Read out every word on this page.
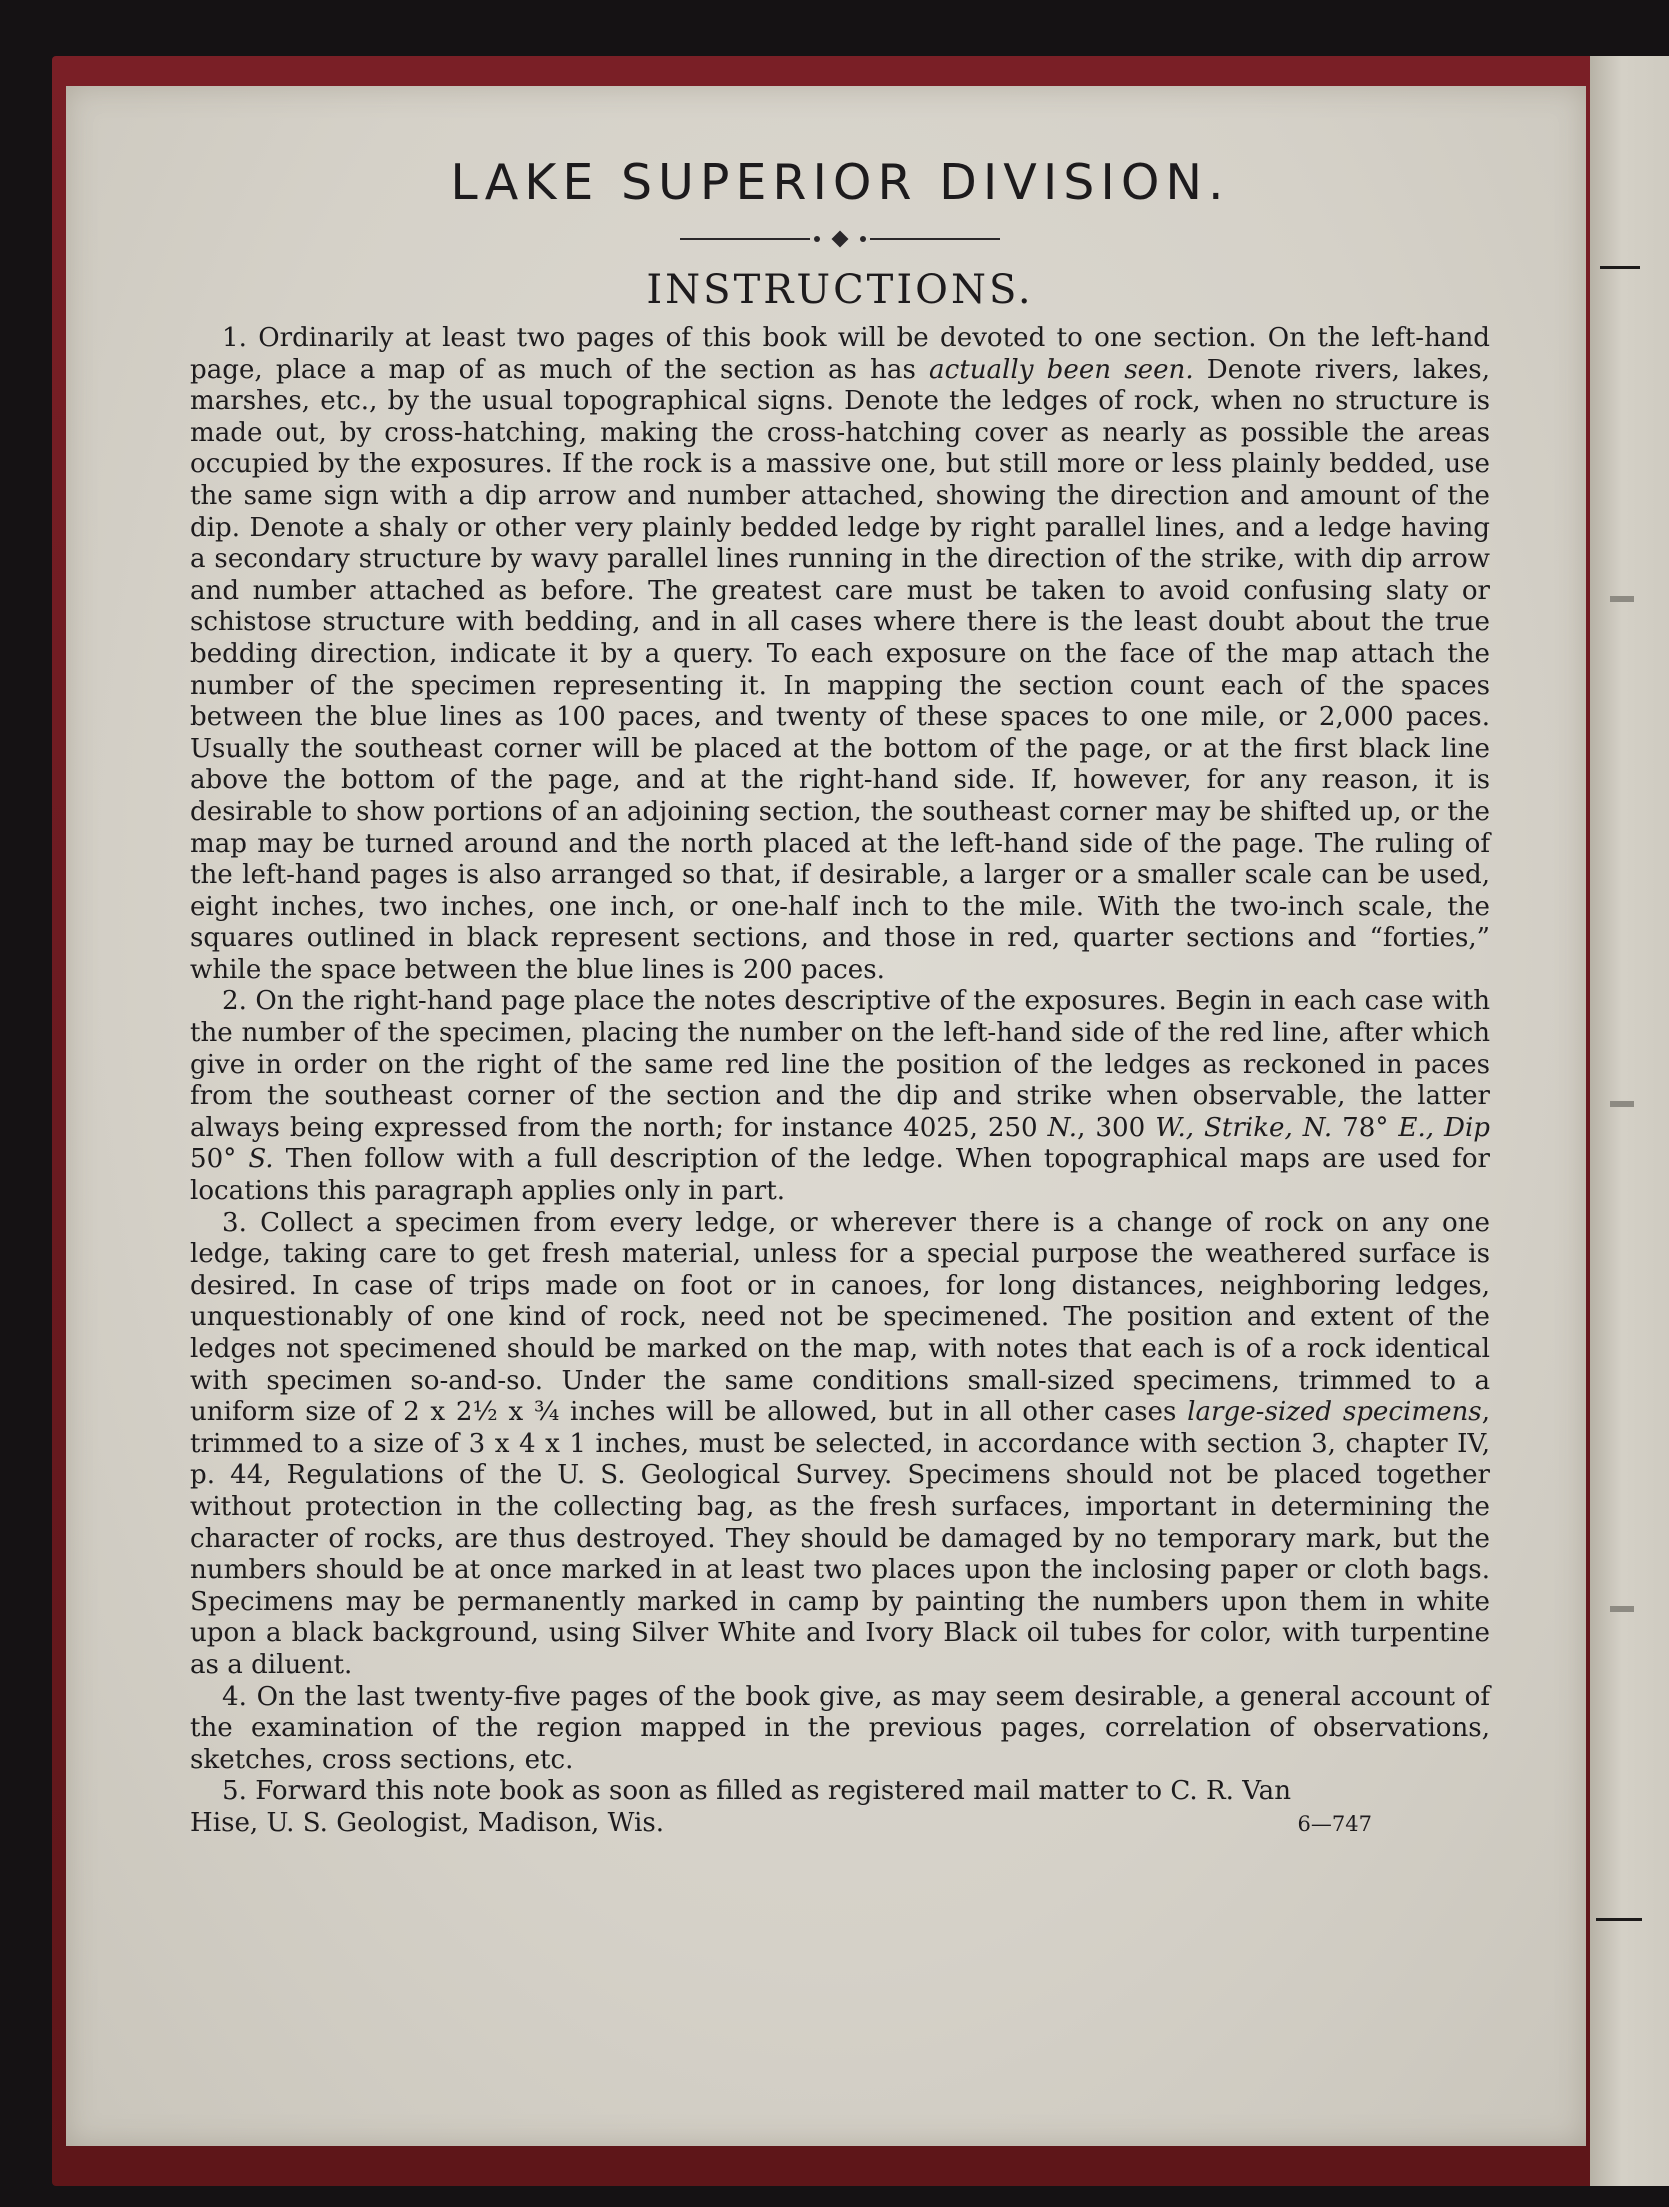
LAKE SUPERIOR DIVISION.
INSTRUCTIONS.

1. Ordinarily at least two pages of this book will be devoted to one section. On the left-hand page, place a map of as much of the section as has actually been seen. Denote rivers, lakes, marshes, etc., by the usual topographical signs. Denote the ledges of rock, when no structure is made out, by cross-hatching, making the cross-hatching cover as nearly as possible the areas occupied by the exposures. If the rock is a massive one, but still more or less plainly bedded, use the same sign with a dip arrow and number attached, showing the direction and amount of the dip. Denote a shaly or other very plainly bedded ledge by right parallel lines, and a ledge having a secondary structure by wavy parallel lines running in the direction of the strike, with dip arrow and number attached as before. The greatest care must be taken to avoid confusing slaty or schistose structure with bedding, and in all cases where there is the least doubt about the true bedding direction, indicate it by a query. To each exposure on the face of the map attach the number of the specimen representing it. In mapping the section count each of the spaces between the blue lines as 100 paces, and twenty of these spaces to one mile, or 2,000 paces. Usually the southeast corner will be placed at the bottom of the page, or at the first black line above the bottom of the page, and at the right-hand side. If, however, for any reason, it is desirable to show portions of an adjoining section, the southeast corner may be shifted up, or the map may be turned around and the north placed at the left-hand side of the page. The ruling of the left-hand pages is also arranged so that, if desirable, a larger or a smaller scale can be used, eight inches, two inches, one inch, or one-half inch to the mile. With the two-inch scale, the squares outlined in black represent sections, and those in red, quarter sections and “forties,” while the space between the blue lines is 200 paces.

2. On the right-hand page place the notes descriptive of the exposures. Begin in each case with the number of the specimen, placing the number on the left-hand side of the red line, after which give in order on the right of the same red line the position of the ledges as reckoned in paces from the southeast corner of the section and the dip and strike when observable, the latter always being expressed from the north; for instance 4025, 250 N., 300 W., Strike, N. 78° E., Dip 50° S. Then follow with a full description of the ledge. When topographical maps are used for locations this paragraph applies only in part.

3. Collect a specimen from every ledge, or wherever there is a change of rock on any one ledge, taking care to get fresh material, unless for a special purpose the weathered surface is desired. In case of trips made on foot or in canoes, for long distances, neighboring ledges, unquestionably of one kind of rock, need not be specimened. The position and extent of the ledges not specimened should be marked on the map, with notes that each is of a rock identical with specimen so-and-so. Under the same conditions small-sized specimens, trimmed to a uniform size of 2 x 2½ x ¾ inches will be allowed, but in all other cases large-sized specimens, trimmed to a size of 3 x 4 x 1 inches, must be selected, in accordance with section 3, chapter IV, p. 44, Regulations of the U. S. Geological Survey. Specimens should not be placed together without protection in the collecting bag, as the fresh surfaces, important in determining the character of rocks, are thus destroyed. They should be damaged by no temporary mark, but the numbers should be at once marked in at least two places upon the inclosing paper or cloth bags. Specimens may be permanently marked in camp by painting the numbers upon them in white upon a black background, using Silver White and Ivory Black oil tubes for color, with turpentine as a diluent.

4. On the last twenty-five pages of the book give, as may seem desirable, a general account of the examination of the region mapped in the previous pages, correlation of observations, sketches, cross sections, etc.

5. Forward this note book as soon as filled as registered mail matter to C. R. Van

Hise, U. S. Geologist, Madison, Wis.	6—747
